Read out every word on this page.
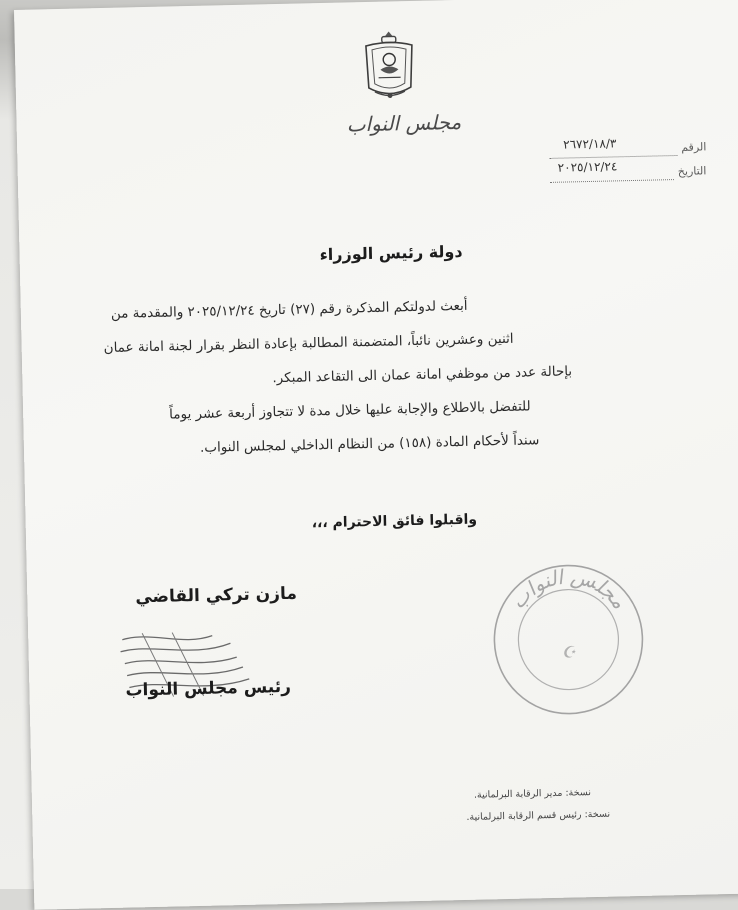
مجلس النواب
الرقم
٢٦٧٢/١٨/٣
التاريخ
٢٠٢٥/١٢/٢٤
دولة رئيس الوزراء
أبعث لدولتكم المذكرة رقم (٢٧) تاريخ ٢٠٢٥/١٢/٢٤ والمقدمة من
اثنين وعشرين نائباً، المتضمنة المطالبة بإعادة النظر بقرار لجنة امانة عمان
بإحالة عدد من موظفي امانة عمان الى التقاعد المبكر.
للتفضل بالاطلاع والإجابة عليها خلال مدة لا تتجاوز أربعة عشر يوماً
سنداً لأحكام المادة (١٥٨) من النظام الداخلي لمجلس النواب.
واقبلوا فائق الاحترام ،،،
مازن تركي القاضي
رئيس مجلس النواب
مجلس النواب
☪
نسخة: مدير الرقابة البرلمانية.
نسخة: رئيس قسم الرقابة البرلمانية.
